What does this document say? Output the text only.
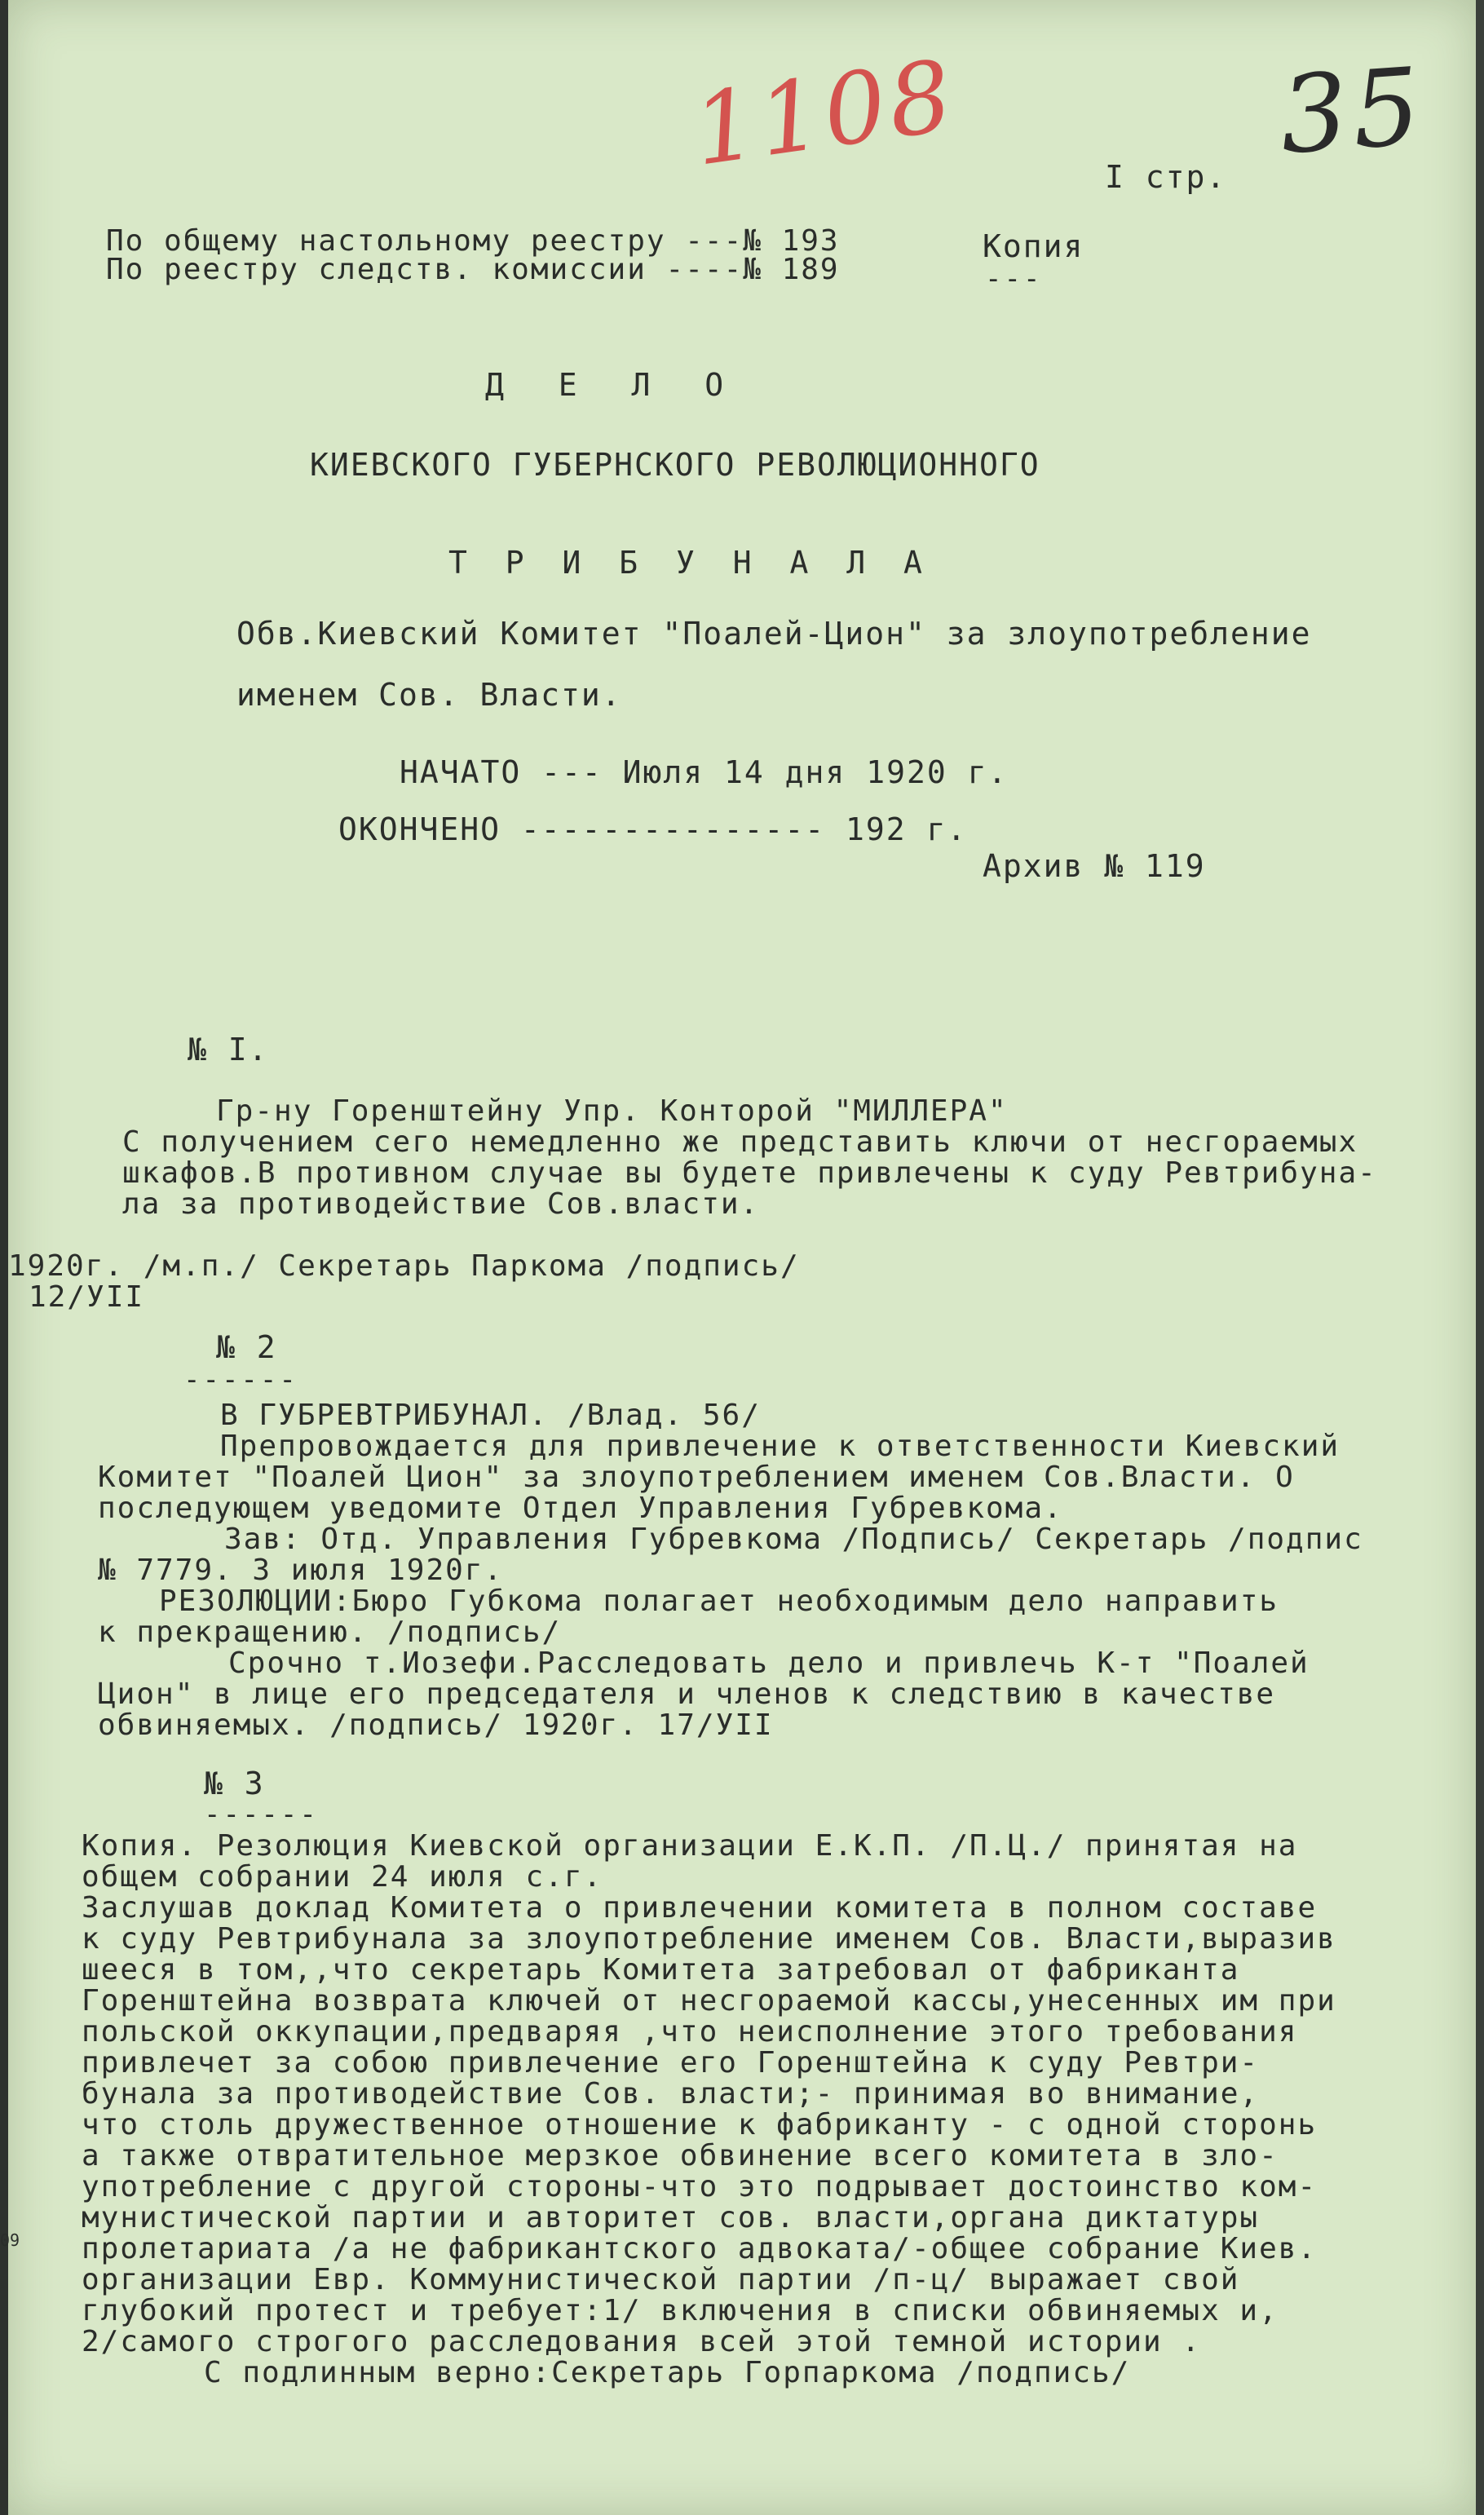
1108	35
I стр.
По общему настольному реестру ---№ 193
По реестру следств. комиссии ----№ 189
Копия
---
Д Е Л О
КИЕВСКОГО ГУБЕРНСКОГО РЕВОЛЮЦИОННОГО
Т Р И Б У Н А Л А
Обв.Киевский Комитет "Поалей-Цион" за злоупотребление
именем Сов. Власти.
НАЧАТО --- Июля 14 дня 1920 г.
ОКОНЧЕНО --------------- 192 г.
Архив № 119
№ I.
Гр-ну Горенштейну Упр. Конторой "МИЛЛЕРА"
С получением сего немедленно же представить ключи от несгораемых
шкафов.В противном случае вы будете привлечены к суду Ревтрибуна-
ла за противодействие Сов.власти.
1920г. /м.п./ Секретарь Паркома /подпись/
12/УII
№ 2
------
В ГУБРЕВТРИБУНАЛ. /Влад. 56/
Препровождается для привлечение к ответственности Киевский
Комитет "Поалей Цион" за злоупотреблением именем Сов.Власти. О
последующем уведомите Отдел Управления Губревкома.
Зав: Отд. Управления Губревкома /Подпись/ Секретарь /подпис
№ 7779. 3 июля 1920г.
РЕЗОЛЮЦИИ:Бюро Губкома полагает необходимым дело направить
к прекращению. /подпись/
Срочно т.Иозефи.Расследовать дело и привлечь К-т "Поалей
Цион" в лице его председателя и членов к следствию в качестве
обвиняемых. /подпись/ 1920г. 17/УII
№ 3
------
Копия. Резолюция Киевской организации Е.К.П. /П.Ц./ принятая на
общем собрании 24 июля с.г.
Заслушав доклад Комитета о привлечении комитета в полном составе
к суду Ревтрибунала за злоупотребление именем Сов. Власти,выразив
шееся в том,,что секретарь Комитета затребовал от фабриканта
Горенштейна возврата ключей от несгораемой кассы,унесенных им при
польской оккупации,предваряя ,что неисполнение этого требования
привлечет за собою привлечение его Горенштейна к суду Ревтри-
бунала за противодействие Сов. власти;- принимая во внимание,
что столь дружественное отношение к фабриканту - с одной сторонь
а также отвратительное мерзкое обвинение всего комитета в зло-
употребление с другой стороны-что это подрывает достоинство ком-
мунистической партии и авторитет сов. власти,органа диктатуры
пролетариата /а не фабрикантского адвоката/-общее собрание Киев.
организации Евр. Коммунистической партии /п-ц/ выражает свой
глубокий протест и требует:1/ включения в списки обвиняемых и,
2/самого строгого расследования всей этой темной истории .
С подлинным верно:Секретарь Горпаркома /подпись/
09
